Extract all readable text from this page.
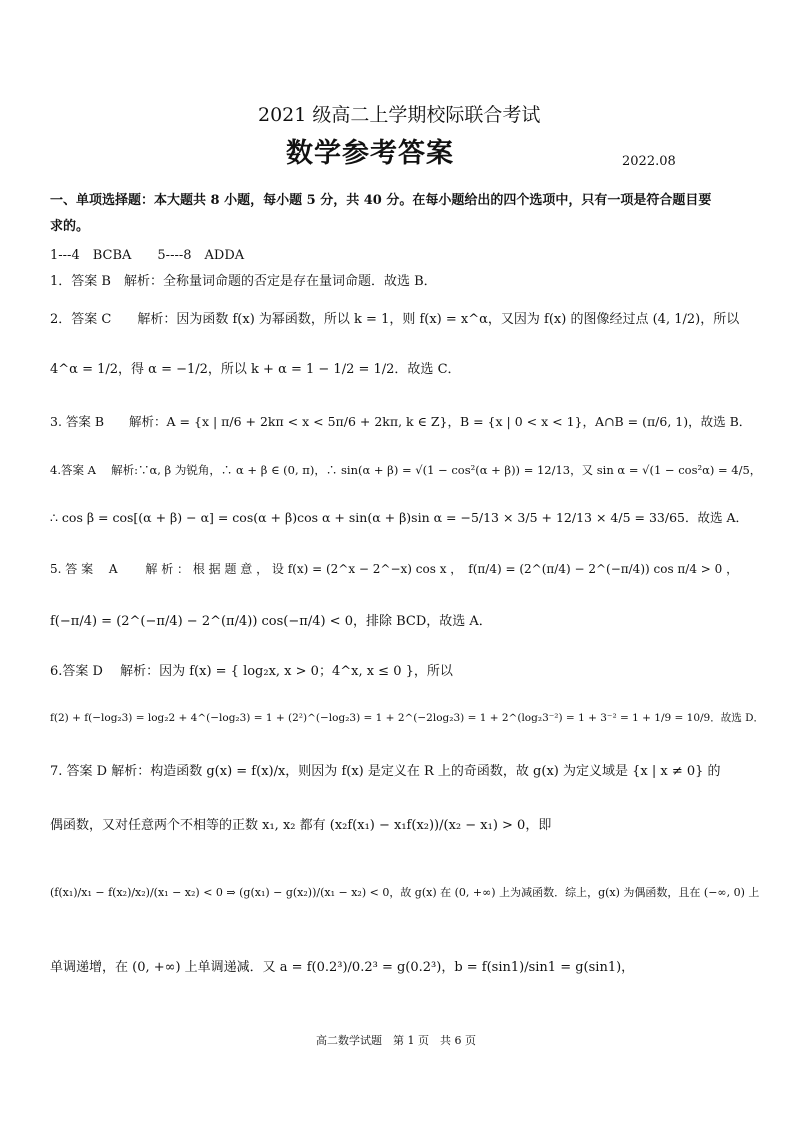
2021 级高二上学期校际联合考试
数学参考答案	2022.08
一、单项选择题：本大题共 8 小题，每小题 5 分，共 40 分。在每小题给出的四个选项中，只有一项是符合题目要
求的。
1---4　BCBA　　5----8　ADDA
1．答案 B　解析：全称量词命题的否定是存在量词命题．故选 B．
2．答案 C　　解析：因为函数 f(x) 为幂函数，所以 k = 1，则 f(x) = x^α，又因为 f(x) 的图像经过点 (4, 1/2)，所以
4^α = 1/2，得 α = −1/2，所以 k + α = 1 − 1/2 = 1/2．故选 C．
3. 答案 B　　解析：A = {x | π/6 + 2kπ < x < 5π/6 + 2kπ, k ∈ Z}，B = {x | 0 < x < 1}，A∩B = (π/6, 1)，故选 B．
4.答案 A　 解析:∵α, β 为锐角，∴ α + β ∈ (0, π)，∴ sin(α + β) = √(1 − cos²(α + β)) = 12/13，又 sin α = √(1 − cos²α) = 4/5，
∴ cos β = cos[(α + β) − α] = cos(α + β)cos α + sin(α + β)sin α = −5/13 × 3/5 + 12/13 × 4/5 = 33/65．故选 A．
5. 答 案　 A　　 解 析 ： 根 据 题 意 ， 设 f(x) = (2^x − 2^−x) cos x ，　f(π/4) = (2^(π/4) − 2^(−π/4)) cos π/4 > 0 ，
f(−π/4) = (2^(−π/4) − 2^(π/4)) cos(−π/4) < 0，排除 BCD，故选 A．
6.答案 D　 解析：因为 f(x) = { log₂x, x > 0；4^x, x ≤ 0 }，所以
f(2) + f(−log₂3) = log₂2 + 4^(−log₂3) = 1 + (2²)^(−log₂3) = 1 + 2^(−2log₂3) = 1 + 2^(log₂3⁻²) = 1 + 3⁻² = 1 + 1/9 = 10/9．故选 D．
7. 答案 D 解析：构造函数 g(x) = f(x)/x，则因为 f(x) 是定义在 R 上的奇函数，故 g(x) 为定义域是 {x | x ≠ 0} 的
偶函数，又对任意两个不相等的正数 x₁, x₂ 都有 (x₂f(x₁) − x₁f(x₂))/(x₂ − x₁) > 0，即
(f(x₁)/x₁ − f(x₂)/x₂)/(x₁ − x₂) < 0 ⇒ (g(x₁) − g(x₂))/(x₁ − x₂) < 0，故 g(x) 在 (0, +∞) 上为减函数．综上，g(x) 为偶函数，且在 (−∞, 0) 上
单调递增，在 (0, +∞) 上单调递减．又 a = f(0.2³)/0.2³ = g(0.2³)，b = f(sin1)/sin1 = g(sin1)，
高二数学试题　第 1 页　共 6 页
